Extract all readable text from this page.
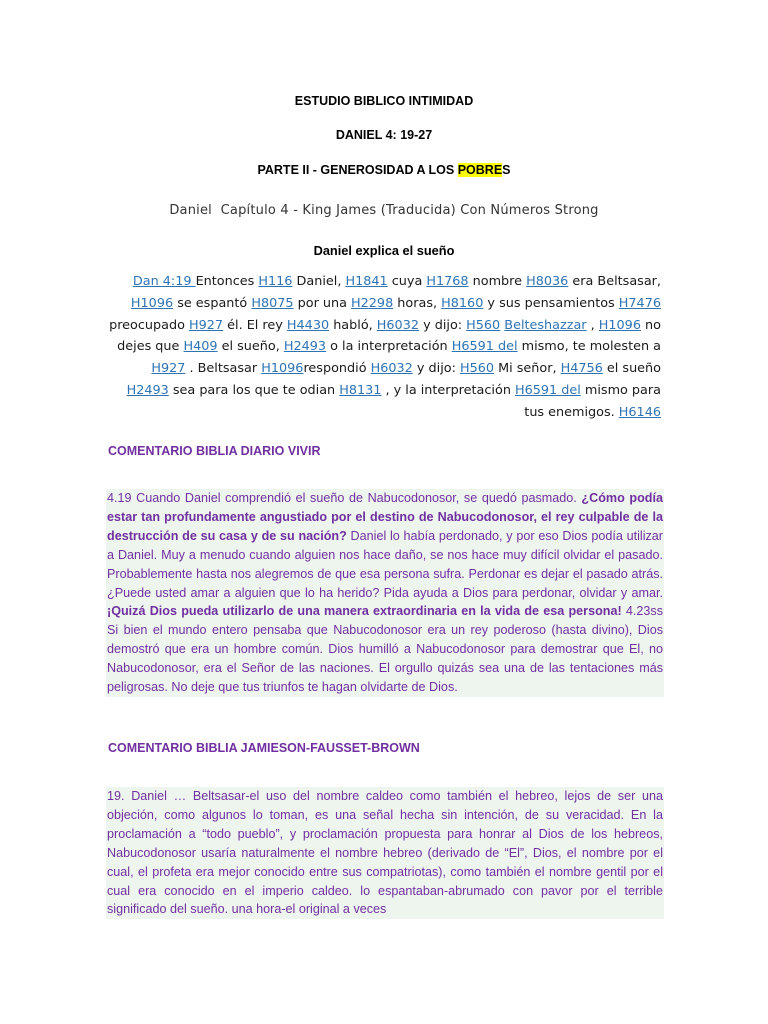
ESTUDIO BIBLICO INTIMIDAD
DANIEL 4: 19-27
PARTE II - GENEROSIDAD A LOS POBRES
Daniel  Capítulo 4 - King James (Traducida) Con Números Strong
Daniel explica el sueño
Dan 4:19 Entonces H116 Daniel, H1841 cuya H1768 nombre H8036 era Beltsasar, H1096 se espantó H8075 por una H2298 horas, H8160 y sus pensamientos H7476 preocupado H927 él. El rey H4430 habló, H6032 y dijo: H560 Belteshazzar , H1096 no dejes que H409 el sueño, H2493 o la interpretación H6591 del mismo, te molesten a H927 . Beltsasar H1096respondió H6032 y dijo: H560 Mi señor, H4756 el sueño H2493 sea para los que te odian H8131 , y la interpretación H6591 del mismo para tus enemigos. H6146
COMENTARIO BIBLIA DIARIO VIVIR
4.19 Cuando Daniel comprendió el sueño de Nabucodonosor, se quedó pasmado. ¿Cómo podía estar tan profundamente angustiado por el destino de Nabucodonosor, el rey culpable de la destrucción de su casa y de su nación? Daniel lo había perdonado, y por eso Dios podía utilizar a Daniel. Muy a menudo cuando alguien nos hace daño, se nos hace muy difícil olvidar el pasado. Probablemente hasta nos alegremos de que esa persona sufra. Perdonar es dejar el pasado atrás. ¿Puede usted amar a alguien que lo ha herido? Pida ayuda a Dios para perdonar, olvidar y amar. ¡Quizá Dios pueda utilizarlo de una manera extraordinaria en la vida de esa persona! 4.23ss Si bien el mundo entero pensaba que Nabucodonosor era un rey poderoso (hasta divino), Dios demostró que era un hombre común. Dios humilló a Nabucodonosor para demostrar que El, no Nabucodonosor, era el Señor de las naciones. El orgullo quizás sea una de las tentaciones más peligrosas. No deje que tus triunfos te hagan olvidarte de Dios.
COMENTARIO BIBLIA JAMIESON-FAUSSET-BROWN
19. Daniel … Beltsasar-el uso del nombre caldeo como también el hebreo, lejos de ser una objeción, como algunos lo toman, es una señal hecha sin intención, de su veracidad. En la proclamación a “todo pueblo”, y proclamación propuesta para honrar al Dios de los hebreos, Nabucodonosor usaría naturalmente el nombre hebreo (derivado de “El”, Dios, el nombre por el cual, el profeta era mejor conocido entre sus compatriotas), como también el nombre gentil por el cual era conocido en el imperio caldeo. lo espantaban-abrumado con pavor por el terrible significado del sueño. una hora-el original a veces
